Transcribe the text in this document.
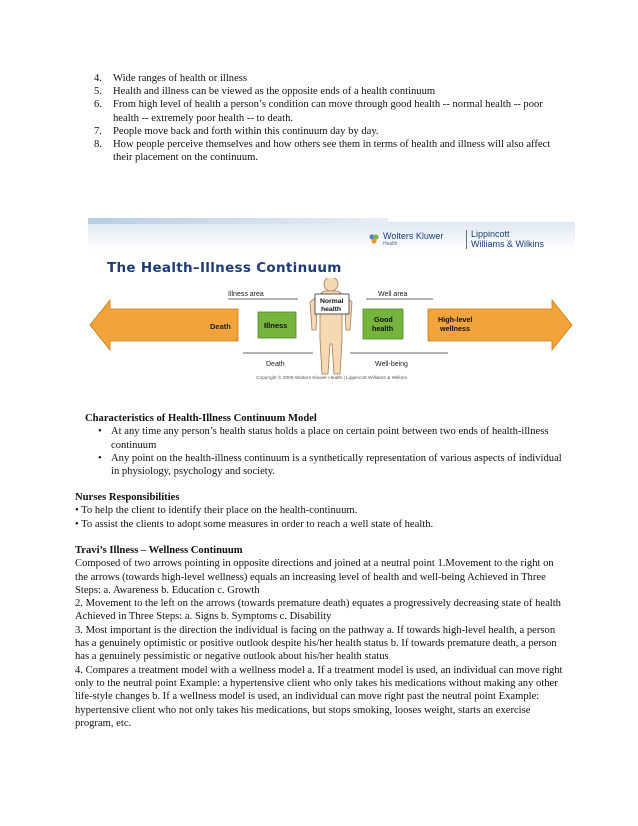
4. Wide ranges of health or illness
5. Health and illness can be viewed as the opposite ends of a health continuum
6. From high level of health a person’s condition can move through good health -- normal health -- poor health -- extremely poor health -- to death.
7. People move back and forth within this continuum day by day.
8. How people perceive themselves and how others see them in terms of health and illness will also affect their placement on the continuum.
Wolters Kluwer
Health
Lippincott
Williams & Wilkins
The Health–Illness Continuum
Illness area	Well area
Death	Well-being
Death	Illness
Good
health
High-level
wellness
Normal
health
Copyright © 2008 Wolters Kluwer Health | Lippincott Williams & Wilkins
Characteristics of Health-Illness Continuum Model
• At any time any person’s health status holds a place on certain point between two ends of health-illness continuum
• Any point on the health-illness continuum is a synthetically representation of various aspects of individual in physiology, psychology and society.
Nurses Responsibilities
• To help the client to identify their place on the health-continuum.
• To assist the clients to adopt some measures in order to reach a well state of health.
Travi’s Illness – Wellness Continuum
Composed of two arrows pointing in opposite directions and joined at a neutral point 1.Movement to the right on the arrows (towards high-level wellness) equals an increasing level of health and well-being Achieved in Three Steps: a. Awareness b. Education c. Growth
2. Movement to the left on the arrows (towards premature death) equates a progressively decreasing state of health Achieved in Three Steps: a. Signs b. Symptoms c. Disability
3. Most important is the direction the individual is facing on the pathway a. If towards high-level health, a person has a genuinely optimistic or positive outlook despite his/her health status b. If towards premature death, a person has a genuinely pessimistic or negative outlook about his/her health status
4. Compares a treatment model with a wellness model a. If a treatment model is used, an individual can move right only to the neutral point Example: a hypertensive client who only takes his medications without making any other life-style changes b. If a wellness model is used, an individual can move right past the neutral point Example: hypertensive client who not only takes his medications, but stops smoking, looses weight, starts an exercise program, etc.
